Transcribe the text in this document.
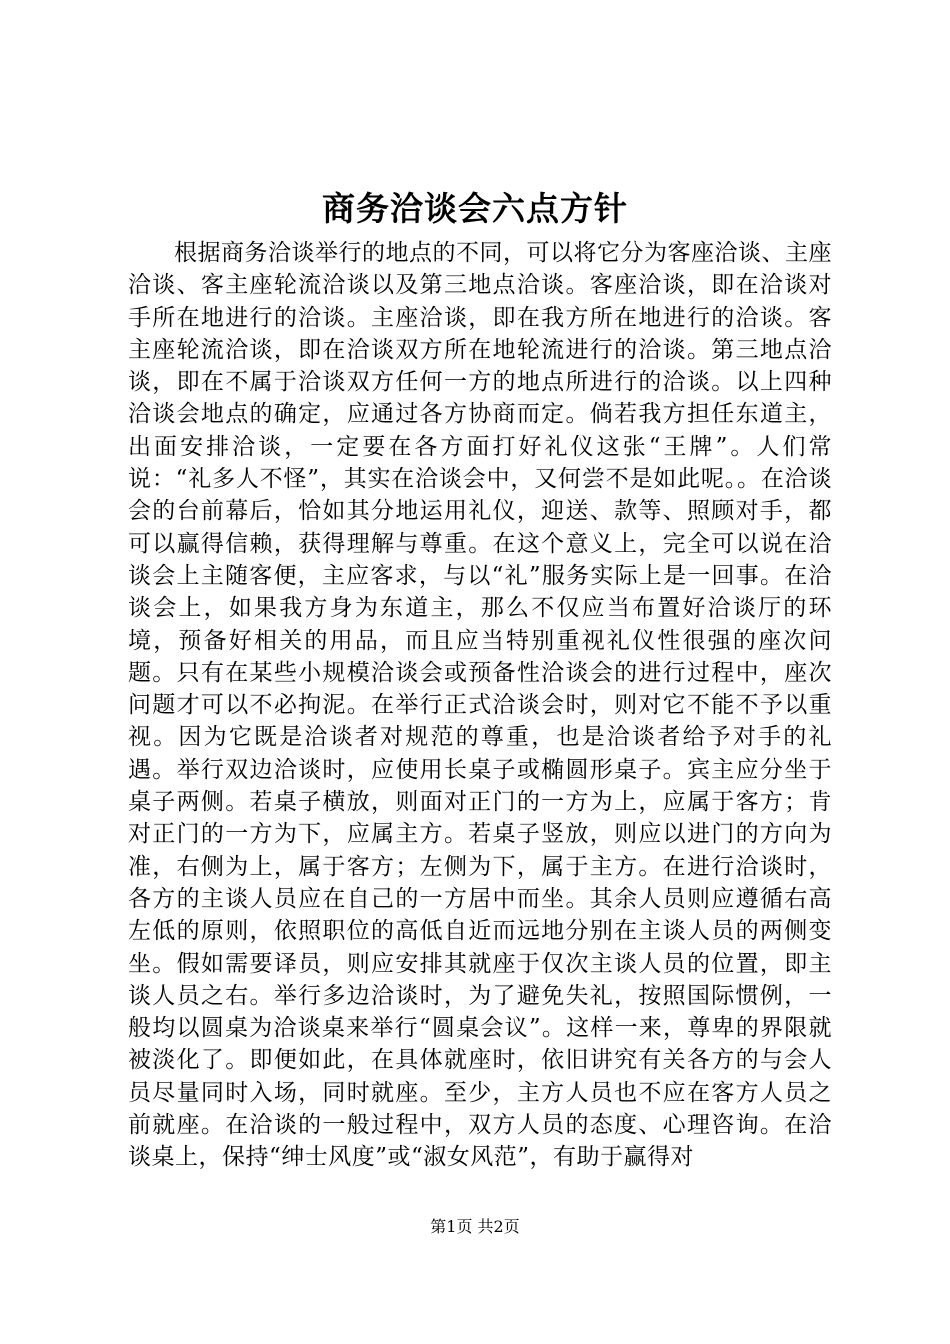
商务洽谈会六点方针

根据商务洽谈举行的地点的不同，可以将它分为客座洽谈、主座洽谈、客主座轮流洽谈以及第三地点洽谈。客座洽谈，即在洽谈对手所在地进行的洽谈。主座洽谈，即在我方所在地进行的洽谈。客主座轮流洽谈，即在洽谈双方所在地轮流进行的洽谈。第三地点洽谈，即在不属于洽谈双方任何一方的地点所进行的洽谈。以上四种洽谈会地点的确定，应通过各方协商而定。倘若我方担任东道主，出面安排洽谈，一定要在各方面打好礼仪这张“王牌”。人们常说：“礼多人不怪”，其实在洽谈会中，又何尝不是如此呢。。在洽谈会的台前幕后，恰如其分地运用礼仪，迎送、款等、照顾对手，都可以赢得信赖，获得理解与尊重。在这个意义上，完全可以说在洽谈会上主随客便，主应客求，与以“礼”服务实际上是一回事。在洽谈会上，如果我方身为东道主，那么不仅应当布置好洽谈厅的环境，预备好相关的用品，而且应当特别重视礼仪性很强的座次问题。只有在某些小规模洽谈会或预备性洽谈会的进行过程中，座次问题才可以不必拘泥。在举行正式洽谈会时，则对它不能不予以重视。因为它既是洽谈者对规范的尊重，也是洽谈者给予对手的礼遇。举行双边洽谈时，应使用长桌子或椭圆形桌子。宾主应分坐于桌子两侧。若桌子横放，则面对正门的一方为上，应属于客方；肯对正门的一方为下，应属主方。若桌子竖放，则应以进门的方向为准，右侧为上，属于客方；左侧为下，属于主方。在进行洽谈时，各方的主谈人员应在自己的一方居中而坐。其余人员则应遵循右高左低的原则，依照职位的高低自近而远地分别在主谈人员的两侧变坐。假如需要译员，则应安排其就座于仅次主谈人员的位置，即主谈人员之右。举行多边洽谈时，为了避免失礼，按照国际惯例，一般均以圆桌为洽谈桌来举行“圆桌会议”。这样一来，尊卑的界限就被淡化了。即便如此，在具体就座时，依旧讲究有关各方的与会人员尽量同时入场，同时就座。至少，主方人员也不应在客方人员之前就座。在洽谈的一般过程中，双方人员的态度、心理咨询。在洽谈桌上，保持“绅士风度”或“淑女风范”，有助于赢得对

第1页 共2页
